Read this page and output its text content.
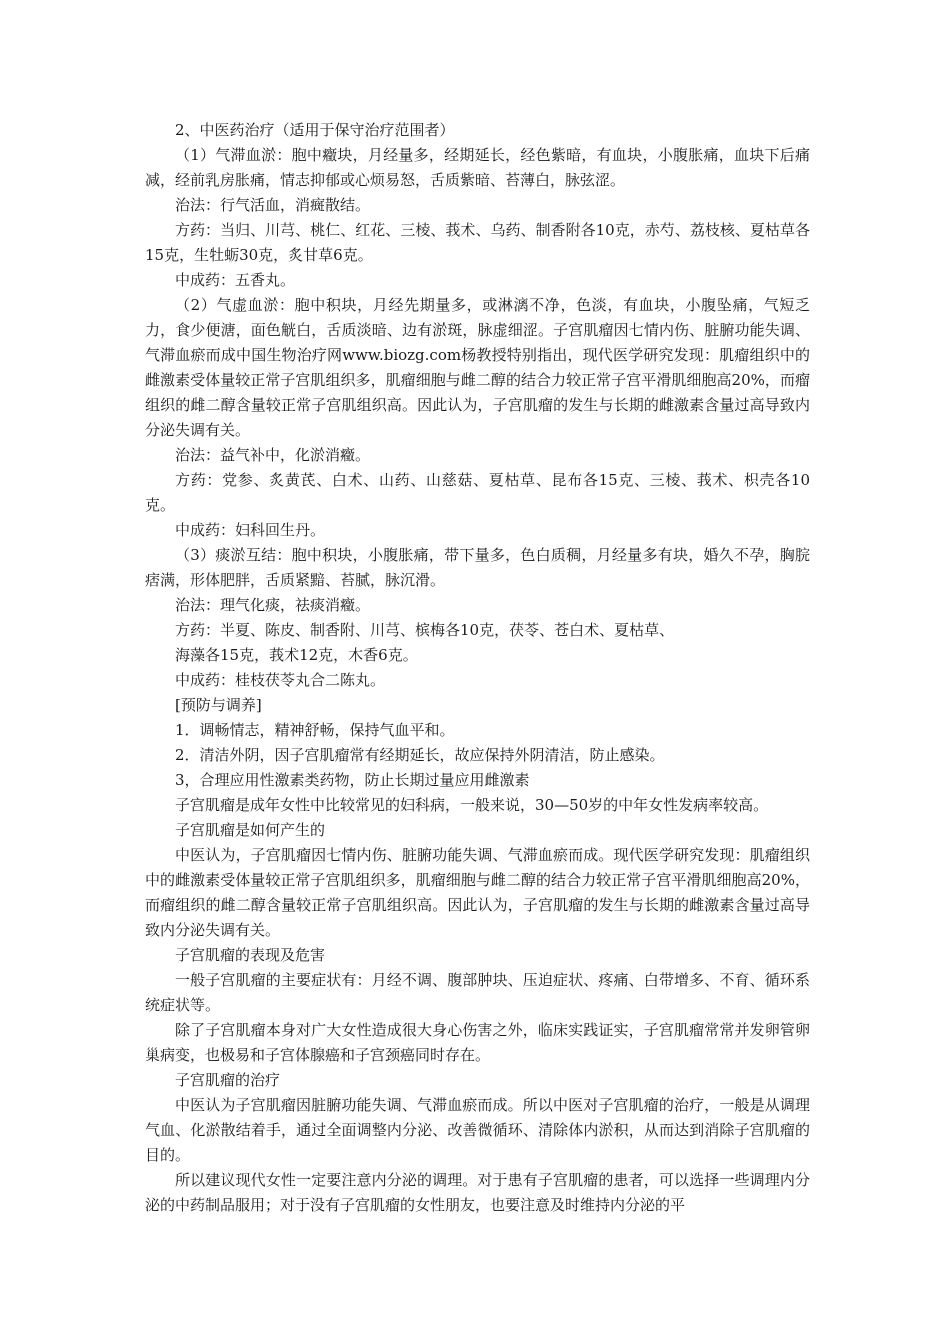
2、中医药治疗（适用于保守治疗范围者）

（1）气滞血淤：胞中癥块，月经量多，经期延长，经色紫暗，有血块，小腹胀痛，血块下后痛减，经前乳房胀痛，情志抑郁或心烦易怒，舌质紫暗、苔薄白，脉弦涩。

治法：行气活血，消癍散结。

方药：当归、川芎、桃仁、红花、三棱、莪术、乌药、制香附各10克，赤芍、荔枝核、夏枯草各15克，生牡蛎30克，炙甘草6克。

中成药：五香丸。

（2）气虚血淤：胞中积块，月经先期量多，或淋漓不净，色淡，有血块，小腹坠痛，气短乏力，食少便溏，面色觥白，舌质淡暗、边有淤斑，脉虚细涩。子宫肌瘤因七情内伤、脏腑功能失调、气滞血瘀而成中国生物治疗网www.biozg.com杨教授特别指出，现代医学研究发现：肌瘤组织中的雌激素受体量较正常子宫肌组织多，肌瘤细胞与雌二醇的结合力较正常子宫平滑肌细胞高20%，而瘤组织的雌二醇含量较正常子宫肌组织高。因此认为，子宫肌瘤的发生与长期的雌激素含量过高导致内分泌失调有关。

治法：益气补中，化淤消癥。

方药：党参、炙黄芪、白术、山药、山慈菇、夏枯草、昆布各15克、三棱、莪术、枳壳各10克。

中成药：妇科回生丹。

（3）痰淤互结：胞中积块，小腹胀痛，带下量多，色白质稠，月经量多有块，婚久不孕，胸脘痞满，形体肥胖，舌质紧黯、苔腻，脉沉滑。

治法：理气化痰，祛痰消癥。

方药：半夏、陈皮、制香附、川芎、槟梅各10克，茯苓、苍白术、夏枯草、

海藻各15克，莪术12克，木香6克。

中成药：桂枝茯苓丸合二陈丸。

[预防与调养]

1．调畅情志，精神舒畅，保持气血平和。

2．清洁外阴，因子宫肌瘤常有经期延长，故应保持外阴清洁，防止感染。

3，合理应用性激素类药物，防止长期过量应用雌激素

子宫肌瘤是成年女性中比较常见的妇科病，一般来说，30—50岁的中年女性发病率较高。

子宫肌瘤是如何产生的

中医认为，子宫肌瘤因七情内伤、脏腑功能失调、气滞血瘀而成。现代医学研究发现：肌瘤组织中的雌激素受体量较正常子宫肌组织多，肌瘤细胞与雌二醇的结合力较正常子宫平滑肌细胞高20%，而瘤组织的雌二醇含量较正常子宫肌组织高。因此认为，子宫肌瘤的发生与长期的雌激素含量过高导致内分泌失调有关。

子宫肌瘤的表现及危害

一般子宫肌瘤的主要症状有：月经不调、腹部肿块、压迫症状、疼痛、白带增多、不育、循环系统症状等。

除了子宫肌瘤本身对广大女性造成很大身心伤害之外，临床实践证实，子宫肌瘤常常并发卵管卵巢病变，也极易和子宫体腺癌和子宫颈癌同时存在。

子宫肌瘤的治疗

中医认为子宫肌瘤因脏腑功能失调、气滞血瘀而成。所以中医对子宫肌瘤的治疗，一般是从调理气血、化淤散结着手，通过全面调整内分泌、改善微循环、清除体内淤积，从而达到消除子宫肌瘤的目的。

所以建议现代女性一定要注意内分泌的调理。对于患有子宫肌瘤的患者，可以选择一些调理内分泌的中药制品服用；对于没有子宫肌瘤的女性朋友，也要注意及时维持内分泌的平
